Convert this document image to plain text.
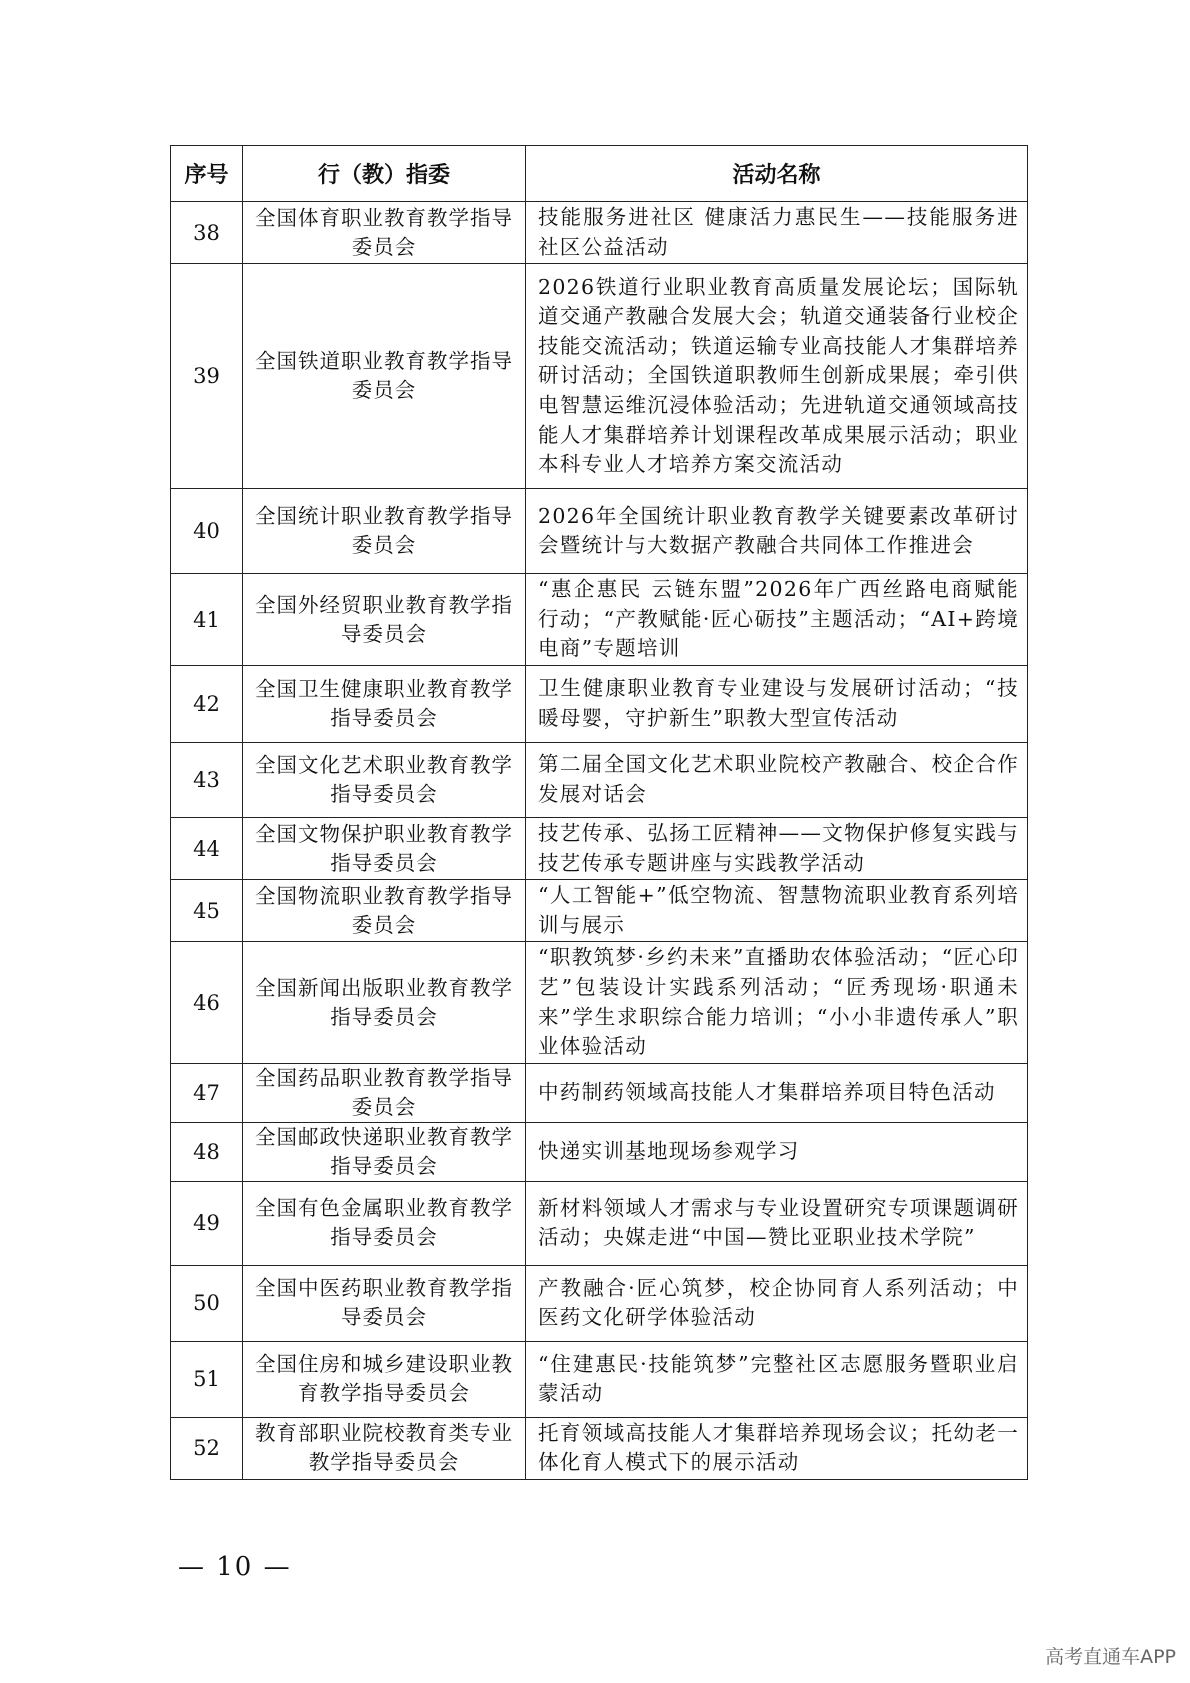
序号	行（教）指委	活动名称
38	全国体育职业教育教学指导委员会	技能服务进社区 健康活力惠民生——技能服务进社区公益活动
39	全国铁道职业教育教学指导委员会	2026铁道行业职业教育高质量发展论坛；国际轨道交通产教融合发展大会；轨道交通装备行业校企技能交流活动；铁道运输专业高技能人才集群培养研讨活动；全国铁道职教师生创新成果展；牵引供电智慧运维沉浸体验活动；先进轨道交通领域高技能人才集群培养计划课程改革成果展示活动；职业本科专业人才培养方案交流活动
40	全国统计职业教育教学指导委员会	2026年全国统计职业教育教学关键要素改革研讨会暨统计与大数据产教融合共同体工作推进会
41	全国外经贸职业教育教学指导委员会	“惠企惠民 云链东盟”2026年广西丝路电商赋能行动；“产教赋能·匠心砺技”主题活动；“AI+跨境电商”专题培训
42	全国卫生健康职业教育教学指导委员会	卫生健康职业教育专业建设与发展研讨活动；“技暖母婴，守护新生”职教大型宣传活动
43	全国文化艺术职业教育教学指导委员会	第二届全国文化艺术职业院校产教融合、校企合作发展对话会
44	全国文物保护职业教育教学指导委员会	技艺传承、弘扬工匠精神——文物保护修复实践与技艺传承专题讲座与实践教学活动
45	全国物流职业教育教学指导委员会	“人工智能+”低空物流、智慧物流职业教育系列培训与展示
46	全国新闻出版职业教育教学指导委员会	“职教筑梦·乡约未来”直播助农体验活动；“匠心印艺”包装设计实践系列活动；“匠秀现场·职通未来”学生求职综合能力培训；“小小非遗传承人”职业体验活动
47	全国药品职业教育教学指导委员会	中药制药领域高技能人才集群培养项目特色活动
48	全国邮政快递职业教育教学指导委员会	快递实训基地现场参观学习
49	全国有色金属职业教育教学指导委员会	新材料领域人才需求与专业设置研究专项课题调研活动；央媒走进“中国—赞比亚职业技术学院”
50	全国中医药职业教育教学指导委员会	产教融合·匠心筑梦，校企协同育人系列活动；中医药文化研学体验活动
51	全国住房和城乡建设职业教育教学指导委员会	“住建惠民·技能筑梦”完整社区志愿服务暨职业启蒙活动
52	教育部职业院校教育类专业教学指导委员会	托育领域高技能人才集群培养现场会议；托幼老一体化育人模式下的展示活动
— 10 —
高考直通车APP
